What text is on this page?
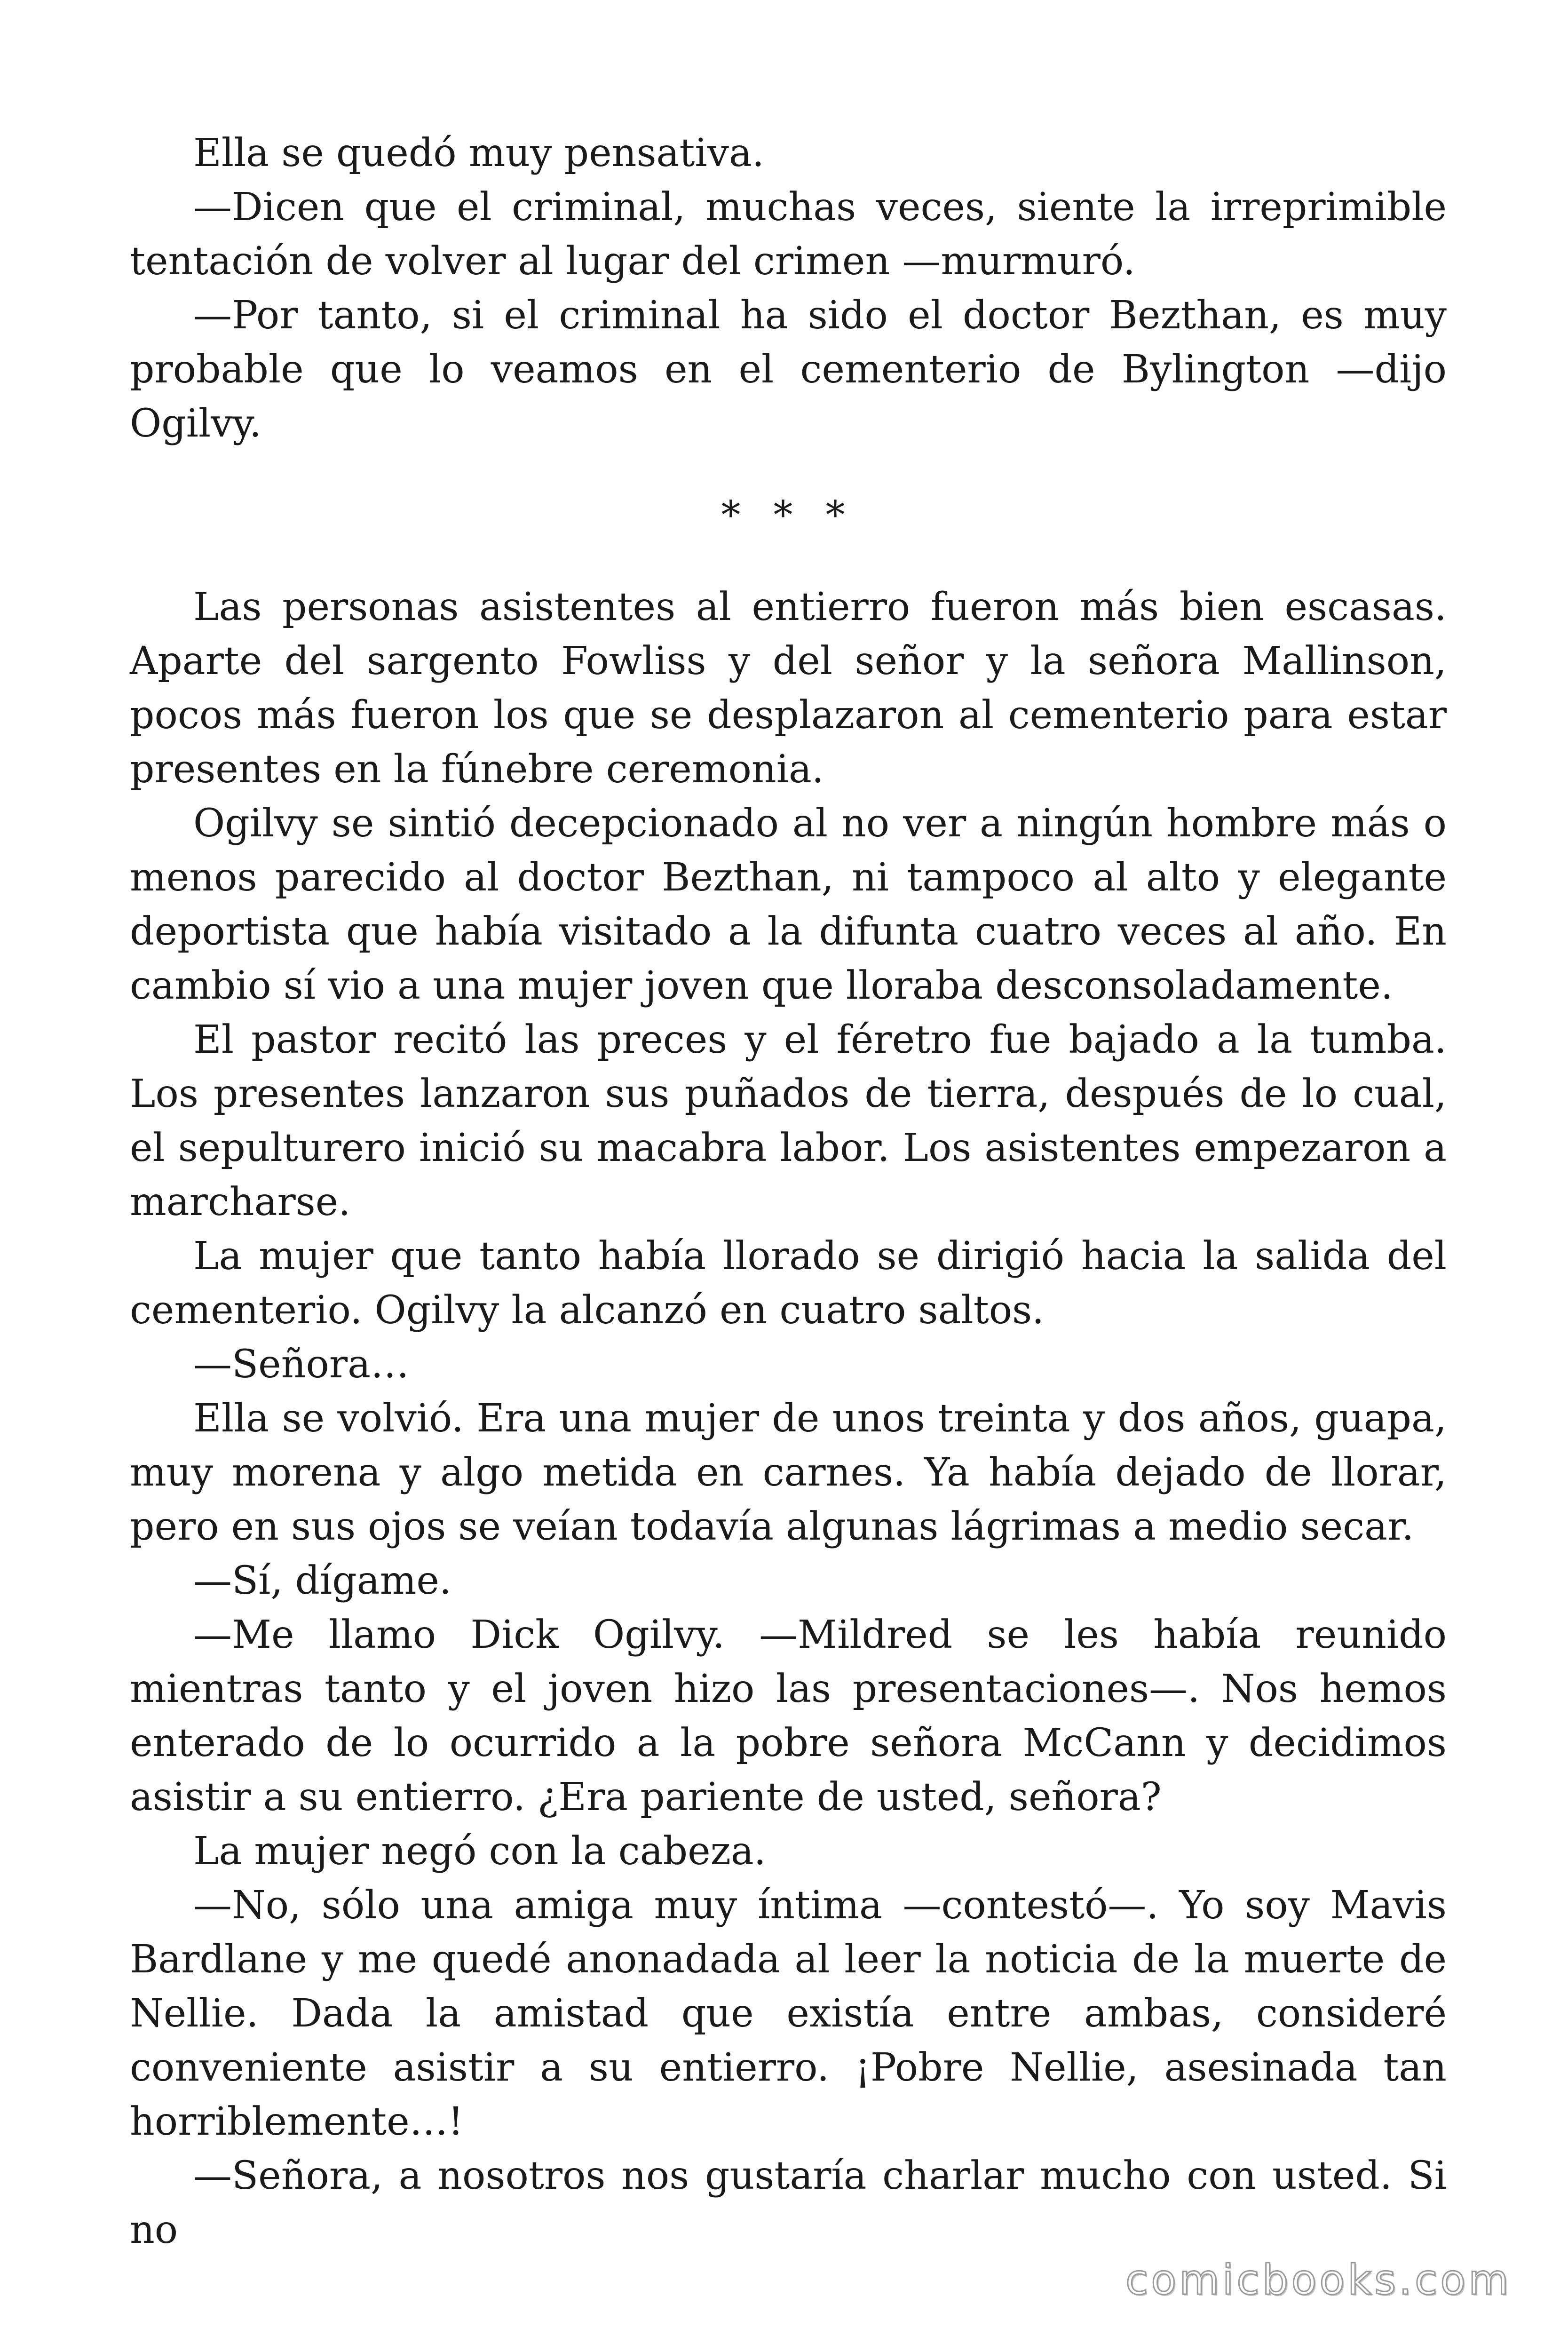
Ella se quedó muy pensativa.

—Dicen que el criminal, muchas veces, siente la irreprimible tentación de volver al lugar del crimen —murmuró.

—Por tanto, si el criminal ha sido el doctor Bezthan, es muy probable que lo veamos en el cementerio de Bylington —dijo Ogilvy.

* * *

Las personas asistentes al entierro fueron más bien escasas. Aparte del sargento Fowliss y del señor y la señora Mallinson, pocos más fueron los que se desplazaron al cementerio para estar presentes en la fúnebre ceremonia.

Ogilvy se sintió decepcionado al no ver a ningún hombre más o menos parecido al doctor Bezthan, ni tampoco al alto y elegante deportista que había visitado a la difunta cuatro veces al año. En cambio sí vio a una mujer joven que lloraba desconsoladamente.

El pastor recitó las preces y el féretro fue bajado a la tumba. Los presentes lanzaron sus puñados de tierra, después de lo cual, el sepulturero inició su macabra labor. Los asistentes empezaron a marcharse.

La mujer que tanto había llorado se dirigió hacia la salida del cementerio. Ogilvy la alcanzó en cuatro saltos.

—Señora…

Ella se volvió. Era una mujer de unos treinta y dos años, guapa, muy morena y algo metida en carnes. Ya había dejado de llorar, pero en sus ojos se veían todavía algunas lágrimas a medio secar.

—Sí, dígame.

—Me llamo Dick Ogilvy. —Mildred se les había reunido mientras tanto y el joven hizo las presentaciones—. Nos hemos enterado de lo ocurrido a la pobre señora McCann y decidimos asistir a su entierro. ¿Era pariente de usted, señora?

La mujer negó con la cabeza.

—No, sólo una amiga muy íntima —contestó—. Yo soy Mavis Bardlane y me quedé anonadada al leer la noticia de la muerte de Nellie. Dada la amistad que existía entre ambas, consideré conveniente asistir a su entierro. ¡Pobre Nellie, asesinada tan horriblemente…!

—Señora, a nosotros nos gustaría charlar mucho con usted. Si no

comicbooks.com
